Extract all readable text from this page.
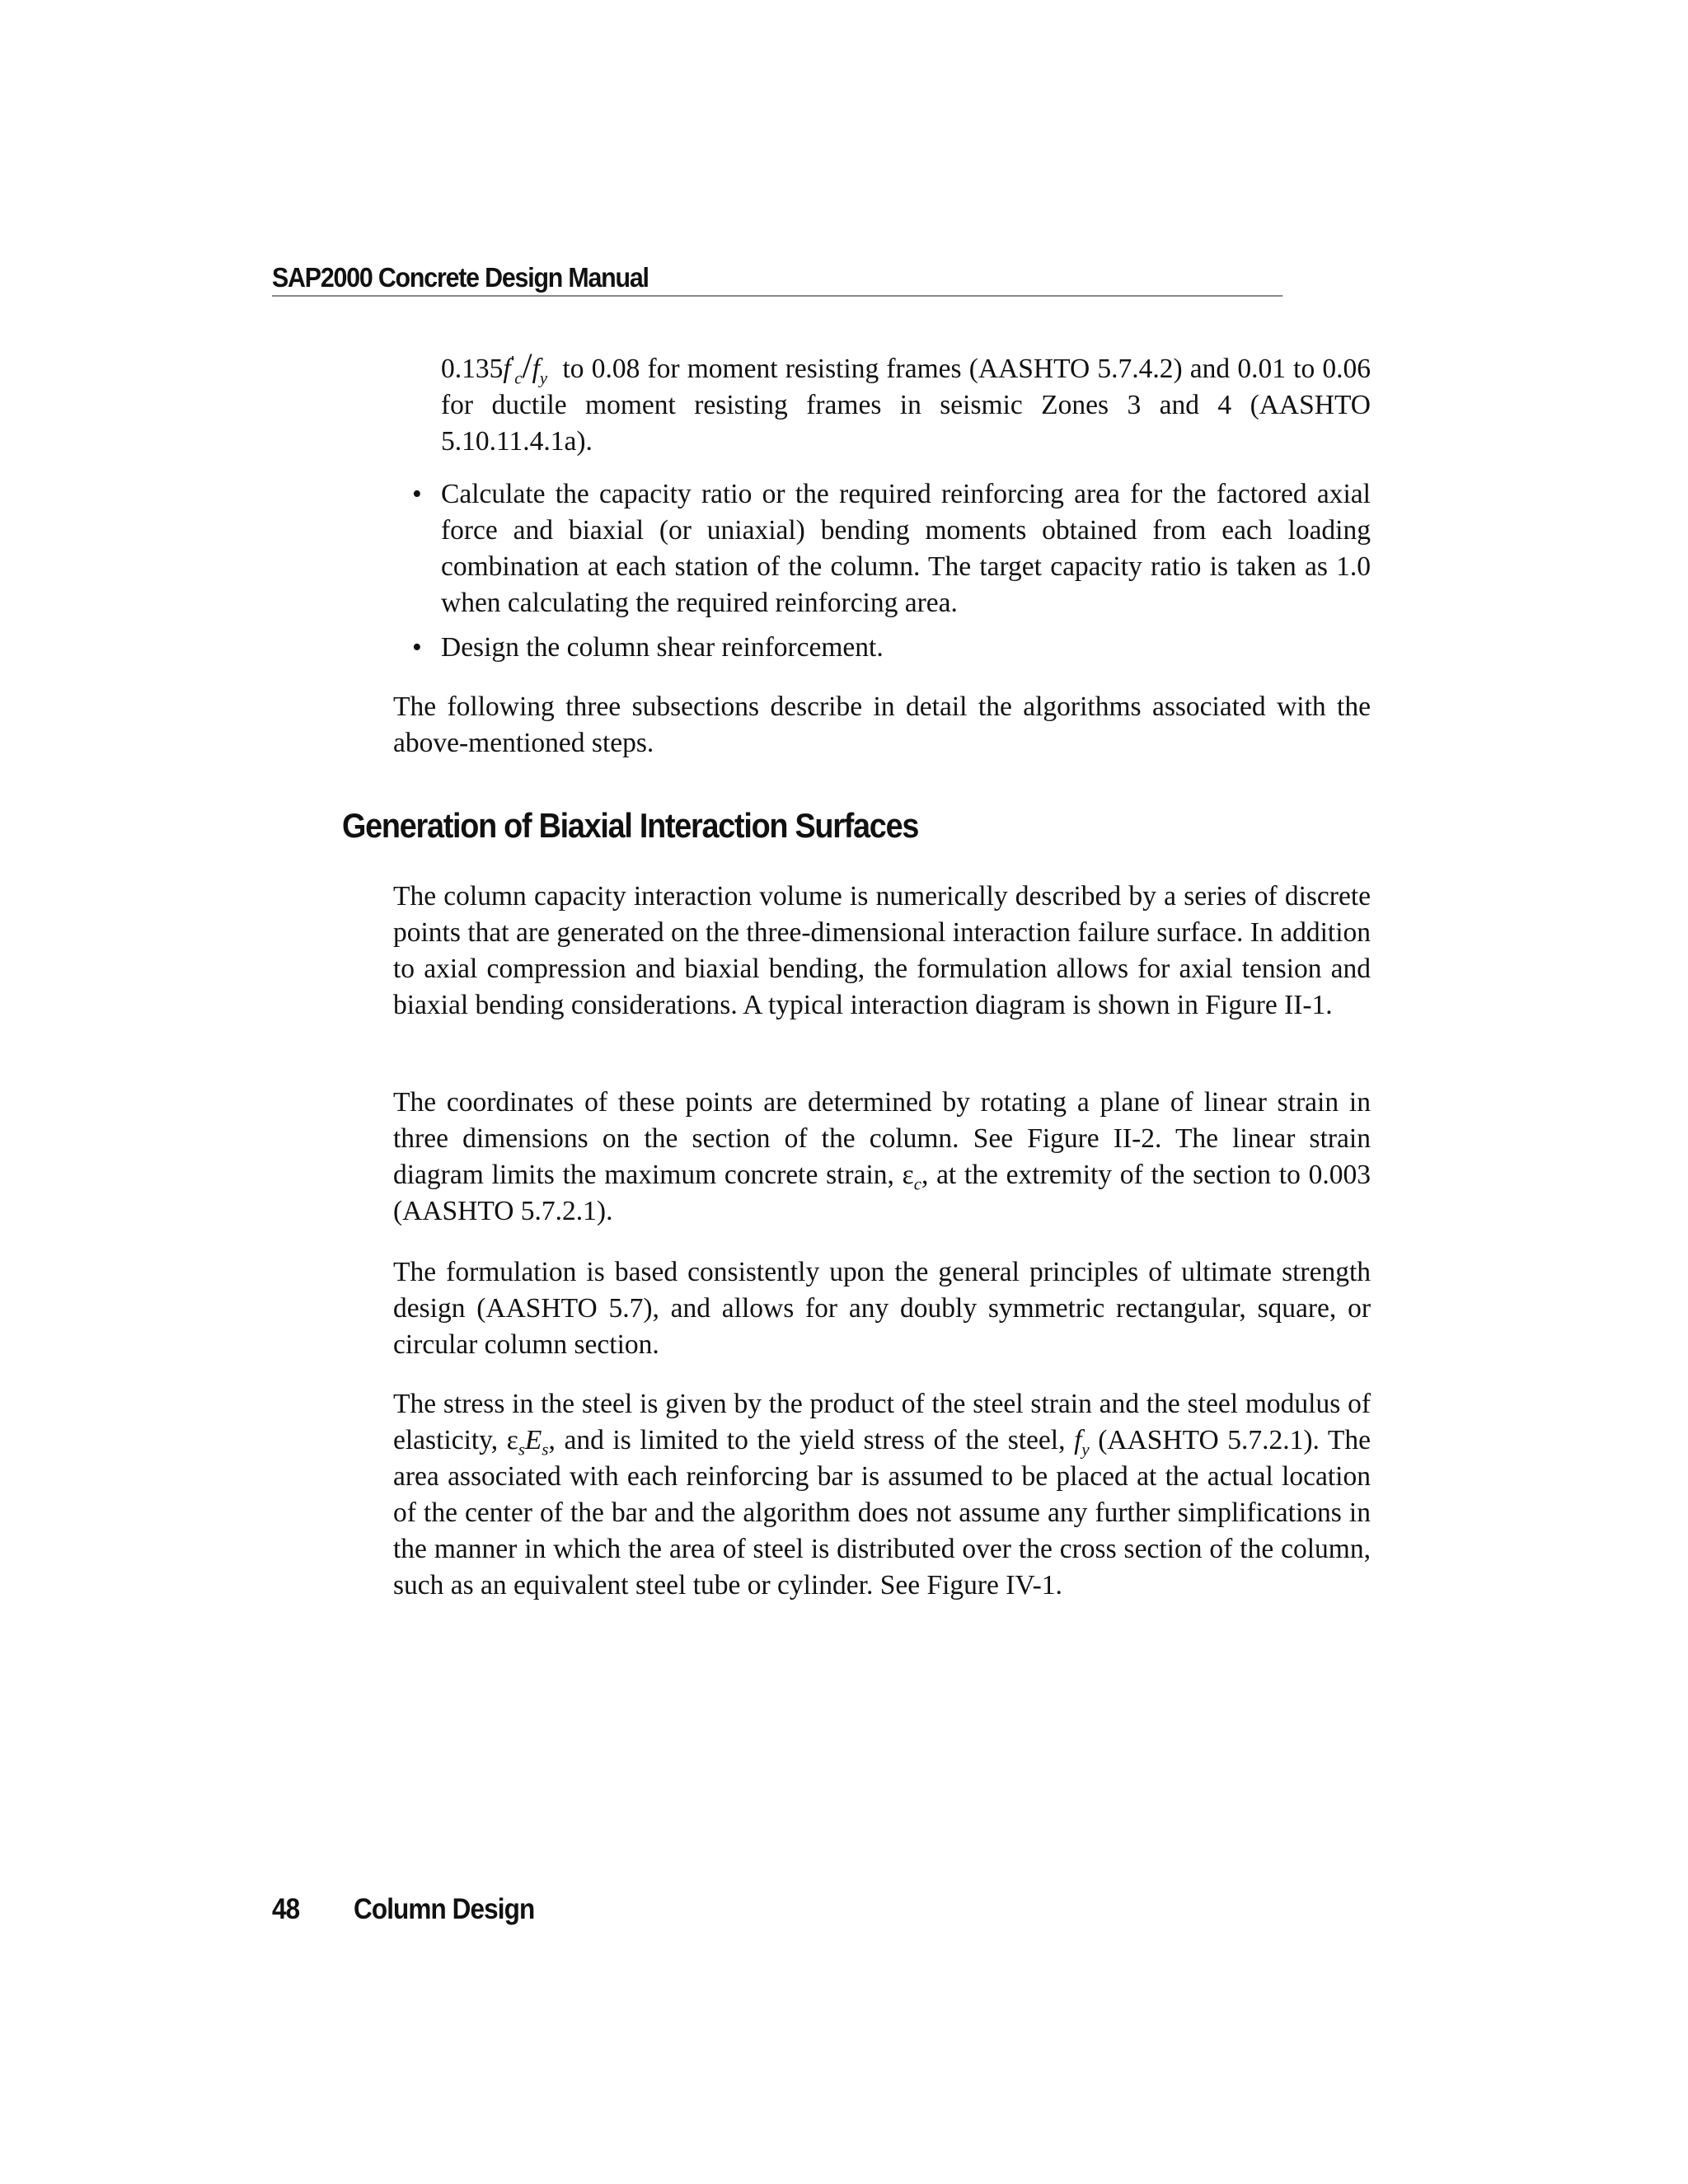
SAP2000 Concrete Design Manual
$0.135f'_c/f_y$ to 0.08 for moment resisting frames (AASHTO 5.7.4.2) and 0.01 to 0.06 for ductile moment resisting frames in seismic Zones 3 and 4 (AASHTO 5.10.11.4.1a).
• Calculate the capacity ratio or the required reinforcing area for the factored axial force and biaxial (or uniaxial) bending moments obtained from each loading combination at each station of the column. The target capacity ratio is taken as 1.0 when calculating the required reinforcing area.
• Design the column shear reinforcement.
The following three subsections describe in detail the algorithms associated with the above-mentioned steps.
Generation of Biaxial Interaction Surfaces
The column capacity interaction volume is numerically described by a series of discrete points that are generated on the three-dimensional interaction failure surface. In addition to axial compression and biaxial bending, the formulation allows for axial tension and biaxial bending considerations. A typical interaction diagram is shown in Figure II-1.
The coordinates of these points are determined by rotating a plane of linear strain in three dimensions on the section of the column. See Figure II-2. The linear strain diagram limits the maximum concrete strain, $\varepsilon_c$, at the extremity of the section to 0.003 (AASHTO 5.7.2.1).
The formulation is based consistently upon the general principles of ultimate strength design (AASHTO 5.7), and allows for any doubly symmetric rectangular, square, or circular column section.
The stress in the steel is given by the product of the steel strain and the steel modulus of elasticity, $\varepsilon_sE_s$, and is limited to the yield stress of the steel, $f_y$ (AASHTO 5.7.2.1). The area associated with each reinforcing bar is assumed to be placed at the actual location of the center of the bar and the algorithm does not assume any further simplifications in the manner in which the area of steel is distributed over the cross section of the column, such as an equivalent steel tube or cylinder. See Figure IV-1.
48 Column Design
